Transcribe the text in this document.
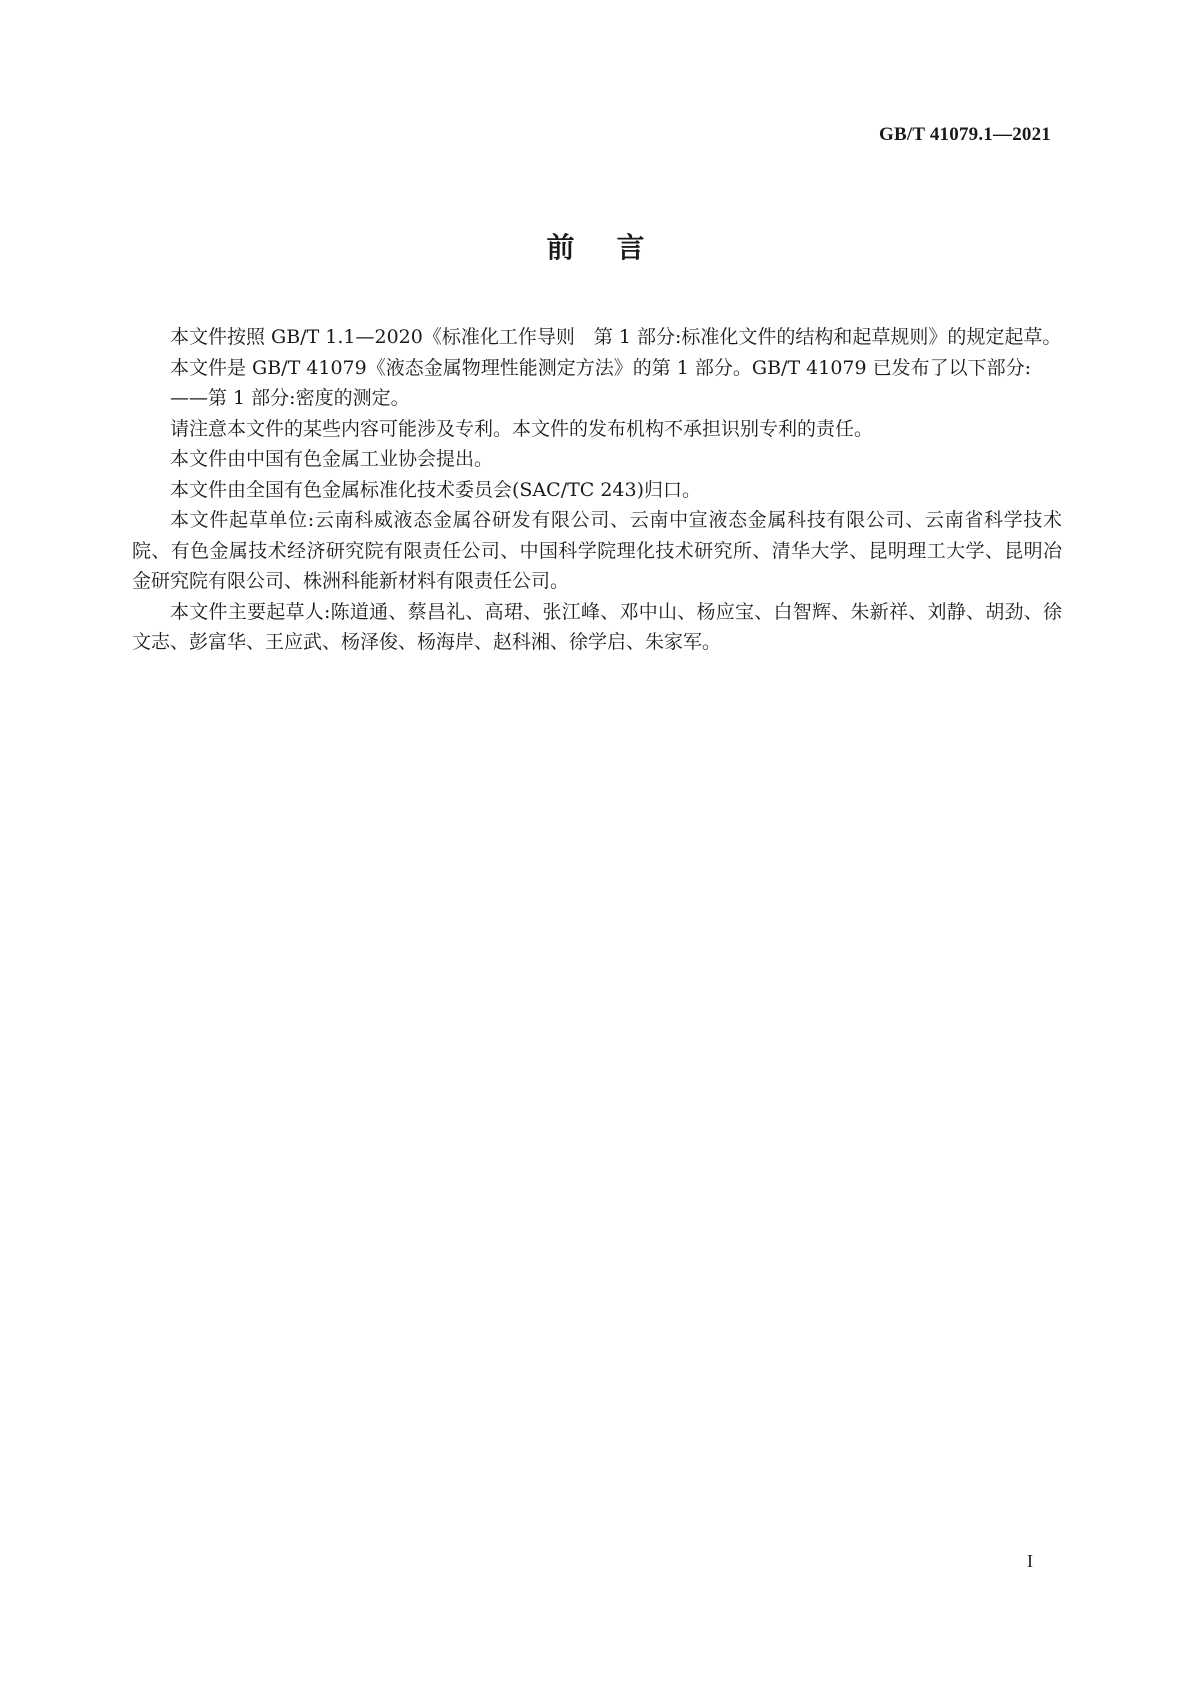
GB/T 41079.1—2021
前言

本文件按照 GB/T 1.1—2020《标准化工作导则　第 1 部分:标准化文件的结构和起草规则》的规定起草。

本文件是 GB/T 41079《液态金属物理性能测定方法》的第 1 部分。GB/T 41079 已发布了以下部分:

——第 1 部分:密度的测定。

请注意本文件的某些内容可能涉及专利。本文件的发布机构不承担识别专利的责任。

本文件由中国有色金属工业协会提出。

本文件由全国有色金属标准化技术委员会(SAC/TC 243)归口。

本文件起草单位:云南科威液态金属谷研发有限公司、云南中宣液态金属科技有限公司、云南省科学技术院、有色金属技术经济研究院有限责任公司、中国科学院理化技术研究所、清华大学、昆明理工大学、昆明冶金研究院有限公司、株洲科能新材料有限责任公司。

本文件主要起草人:陈道通、蔡昌礼、高珺、张江峰、邓中山、杨应宝、白智辉、朱新祥、刘静、胡劲、徐文志、彭富华、王应武、杨泽俊、杨海岸、赵科湘、徐学启、朱家军。

I
